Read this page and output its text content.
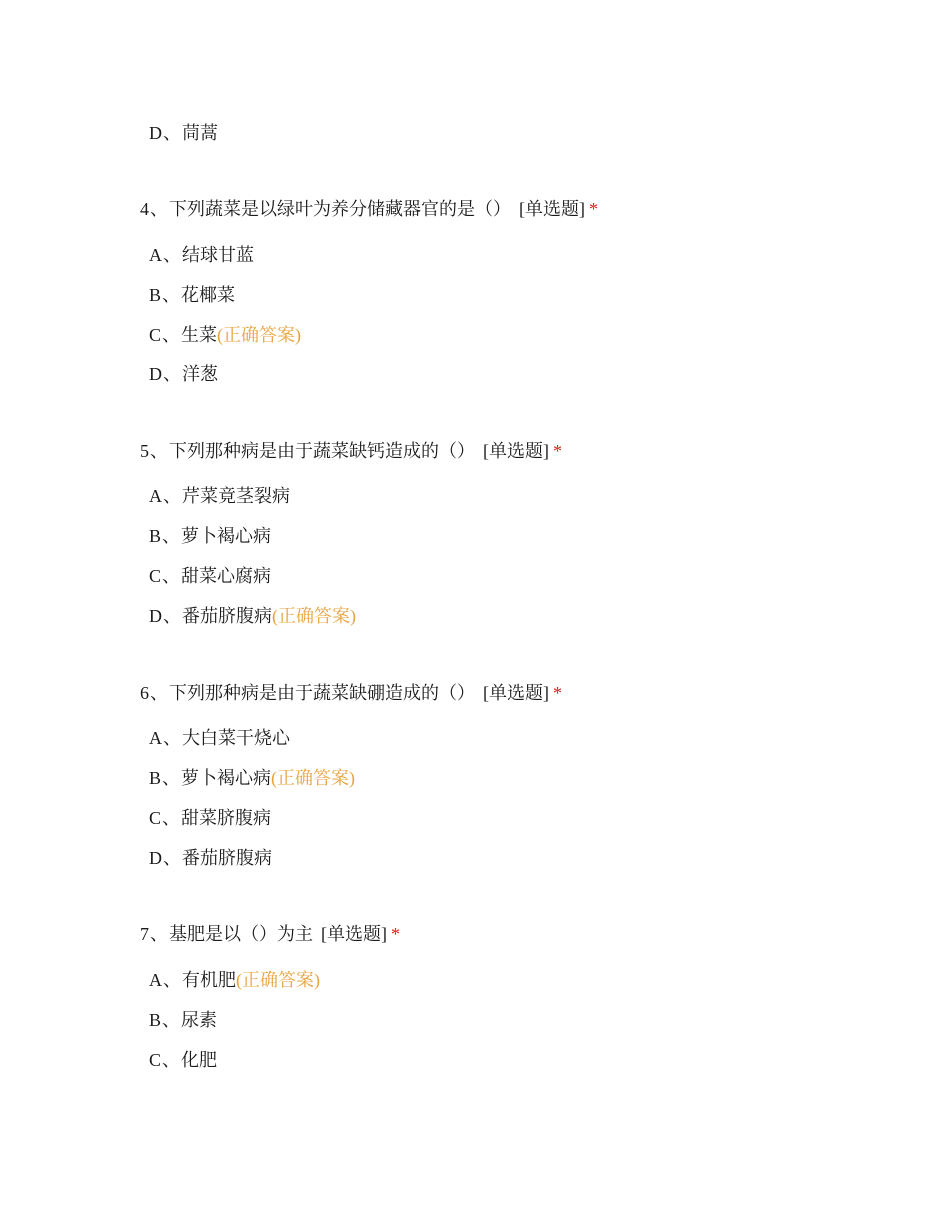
D、茼蒿
4、下列蔬菜是以绿叶为养分储藏器官的是（） [单选题] *
A、结球甘蓝
B、花椰菜
C、生菜(正确答案)
D、洋葱
5、下列那种病是由于蔬菜缺钙造成的（） [单选题] *
A、芹菜竟茎裂病
B、萝卜褐心病
C、甜菜心腐病
D、番茄脐腹病(正确答案)
6、下列那种病是由于蔬菜缺硼造成的（） [单选题] *
A、大白菜干烧心
B、萝卜褐心病(正确答案)
C、甜菜脐腹病
D、番茄脐腹病
7、基肥是以（）为主 [单选题] *
A、有机肥(正确答案)
B、尿素
C、化肥
